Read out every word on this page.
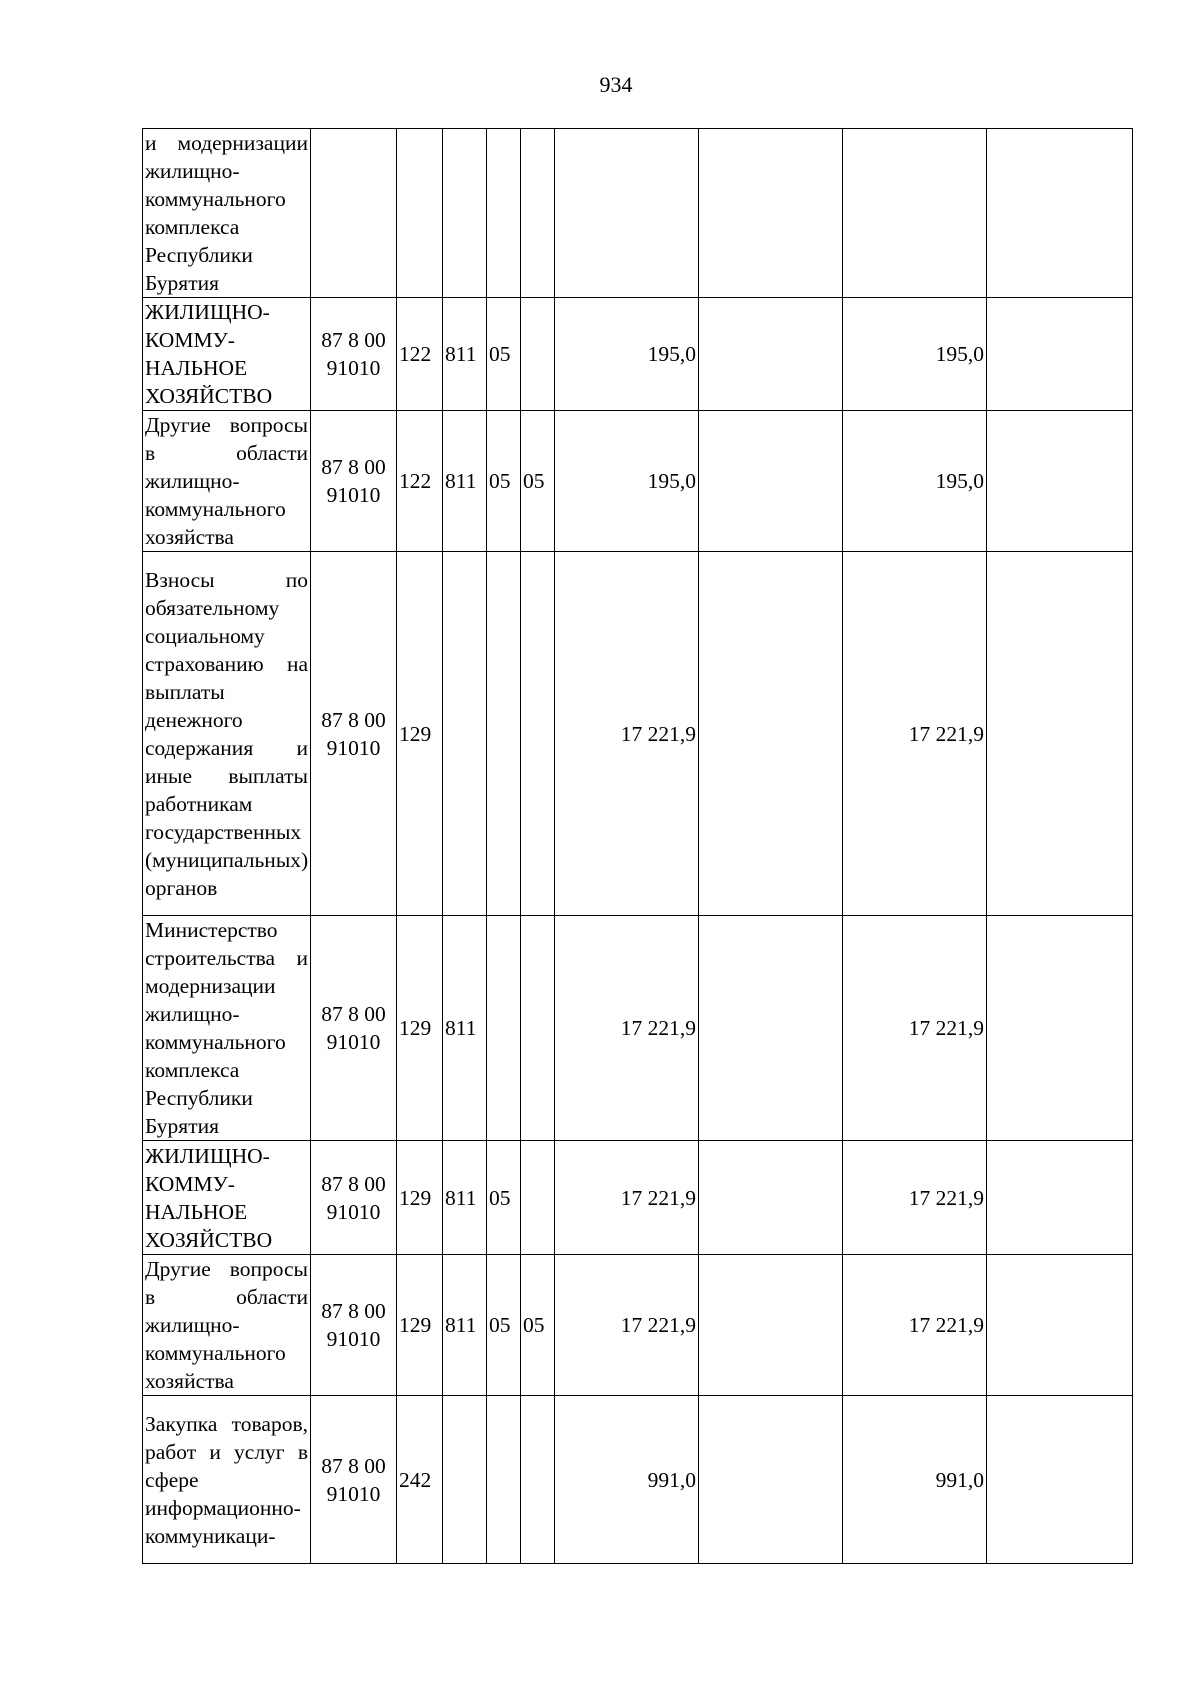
934
и модернизации жилищно-коммунального комплекса Республики Бурятия									
ЖИЛИЩНО-КОММУ-НАЛЬНОЕ ХОЗЯЙСТВО	87 8 00 91010	122	811	05		195,0		195,0	
Другие вопросы в области жилищно-коммунального хозяйства	87 8 00 91010	122	811	05	05	195,0		195,0	
Взносы по обязательному социальному страхованию на выплаты денежного содержания и иные выплаты работникам государственных (муниципальных) органов	87 8 00 91010	129				17 221,9		17 221,9	
Министерство строительства и модернизации жилищно-коммунального комплекса Республики Бурятия	87 8 00 91010	129	811			17 221,9		17 221,9	
ЖИЛИЩНО-КОММУ-НАЛЬНОЕ ХОЗЯЙСТВО	87 8 00 91010	129	811	05		17 221,9		17 221,9	
Другие вопросы в области жилищно-коммунального хозяйства	87 8 00 91010	129	811	05	05	17 221,9		17 221,9	
Закупка товаров, работ и услуг в сфере информационно-коммуникаци-	87 8 00 91010	242				991,0		991,0	
